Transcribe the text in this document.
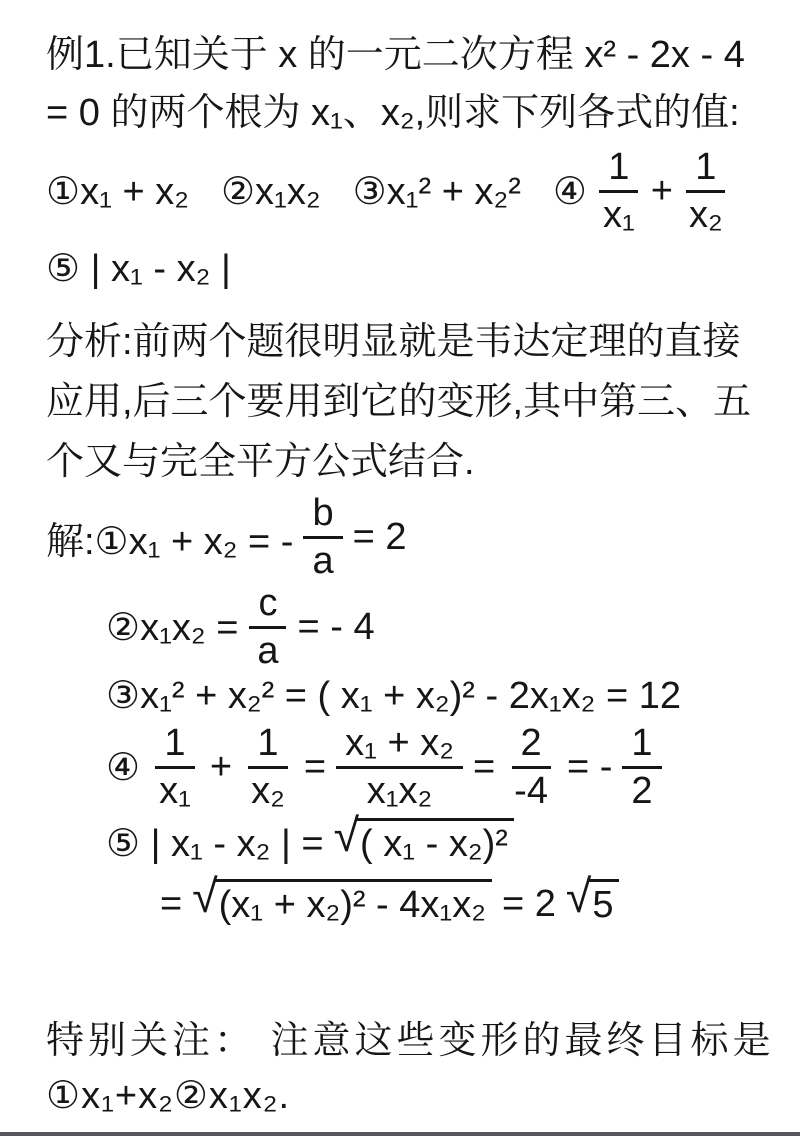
例1.已知关于 x 的一元二次方程 x² - 2x - 4

= 0 的两个根为 x₁、x₂,则求下列各式的值:

①x₁ + x₂ ②x₁x₂ ③x₁² + x₂² ④ $\frac{1}{\text{x₁}} + \frac{1}{\text{x₂}}$

⑤ | x₁ - x₂ |

分析:前两个题很明显就是韦达定理的直接

应用,后三个要用到它的变形,其中第三、五

个又与完全平方公式结合.

解:①x₁ + x₂ = - $\frac{b}{a} = 2$
②x₁x₂ = $\frac{c}{a}$ = - 4
③x₁² + x₂² = ( x₁ + x₂)² - 2x₁x₂ = 12
④ $\frac{1}{\text{x₁}} + \frac{1}{\text{x₂}} = \frac{\text{x₁ + x₂}}{\text{x₁x₂}} = \frac{2}{-4}$ = - $\frac{1}{2}$
⑤ | x₁ - x₂ | = √ ( x₁ - x₂)²
= √ (x₁ + x₂)² - 4x₁x₂ = 2 √ 5

特别关注： 注意这些变形的最终目标是

①x₁+x₂②x₁x₂.
